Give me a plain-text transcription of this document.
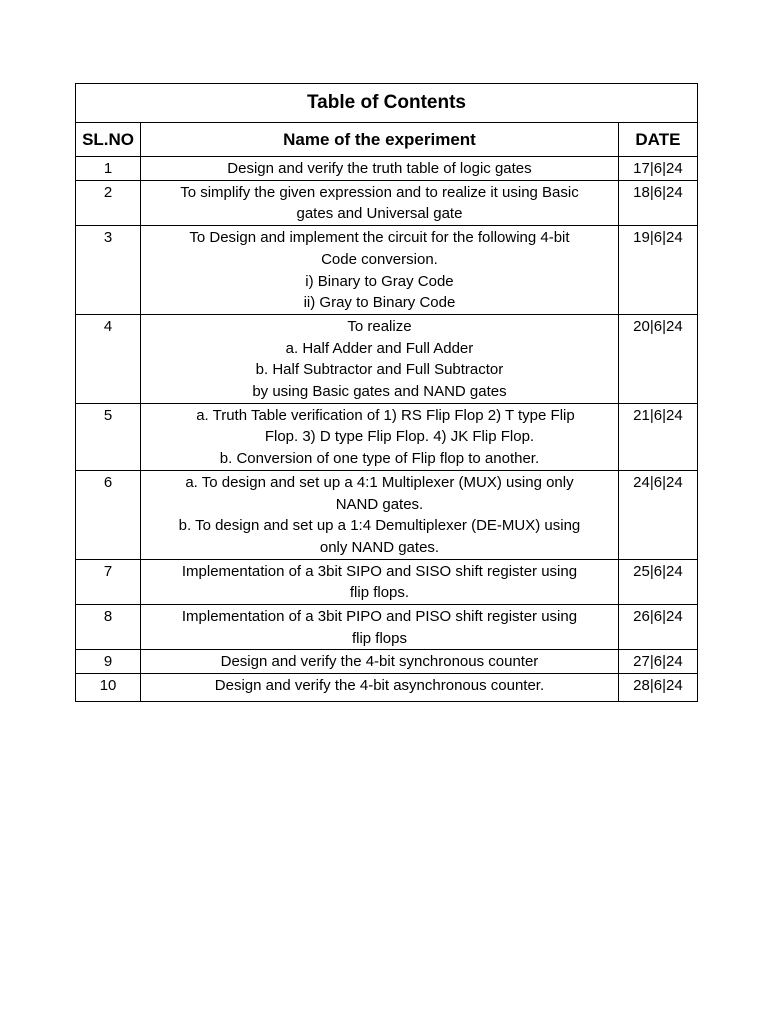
Table of Contents		
SL.NO	Name of the experiment	DATE
1	Design and verify the truth table of logic gates	17|6|24
2	To simplify the given expression and to realize it using Basic
gates and Universal gate	18|6|24
3	To Design and implement the circuit for the following 4-bit
Code conversion.
i) Binary to Gray Code
ii) Gray to Binary Code	19|6|24
4	To realize
a. Half Adder and Full Adder
b. Half Subtractor and Full Subtractor
by using Basic gates and NAND gates	20|6|24
5	a. Truth Table verification of 1) RS Flip Flop 2) T type Flip
Flop. 3) D type Flip Flop. 4) JK Flip Flop.
b. Conversion of one type of Flip flop to another.	21|6|24
6	a. To design and set up a 4:1 Multiplexer (MUX) using only
NAND gates.
b. To design and set up a 1:4 Demultiplexer (DE-MUX) using
only NAND gates.	24|6|24
7	Implementation of a 3bit SIPO and SISO shift register using
flip flops.	25|6|24
8	Implementation of a 3bit PIPO and PISO shift register using
flip flops	26|6|24
9	Design and verify the 4-bit synchronous counter	27|6|24
10	Design and verify the 4-bit asynchronous counter.	28|6|24
